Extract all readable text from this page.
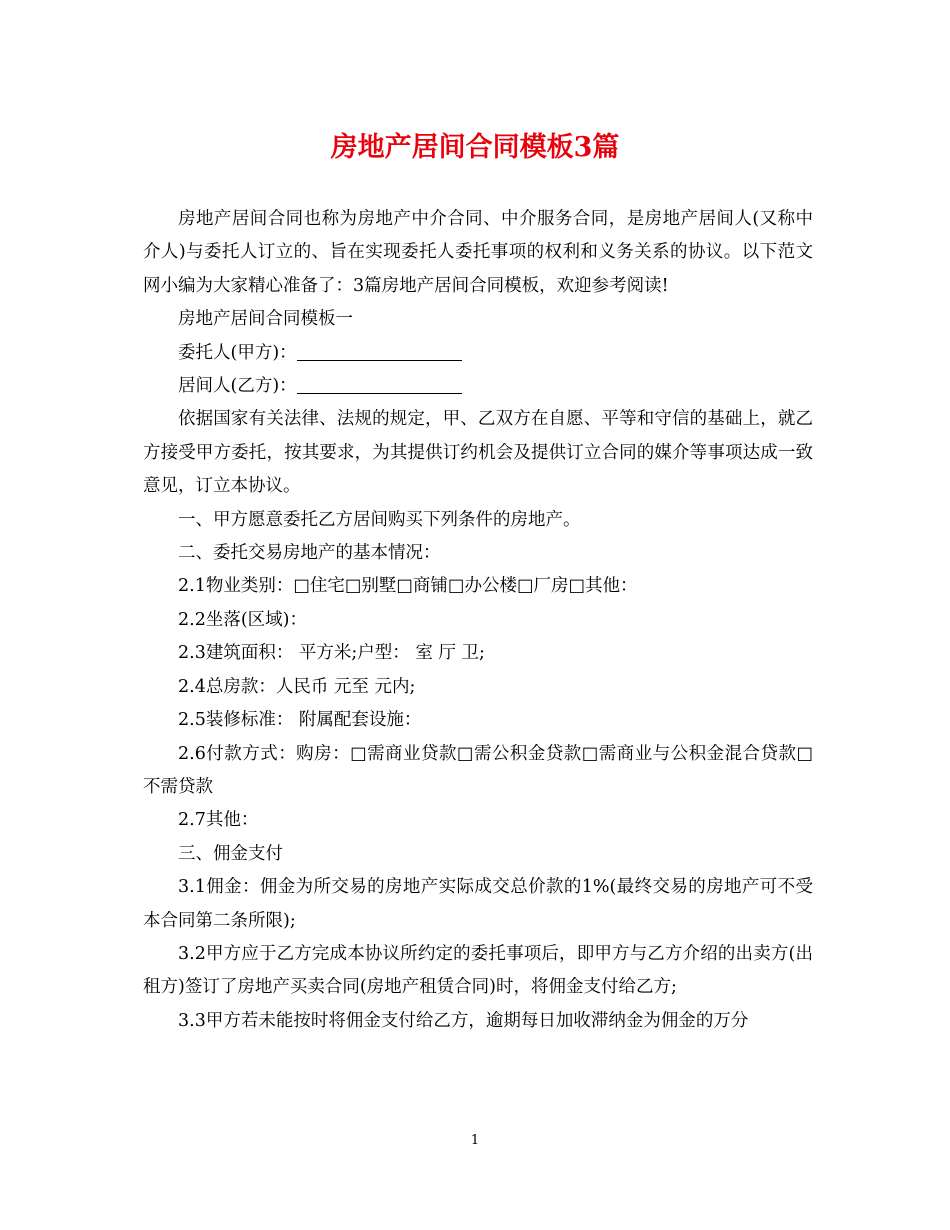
房地产居间合同模板3篇

房地产居间合同也称为房地产中介合同、中介服务合同，是房地产居间人(又称中介人)与委托人订立的、旨在实现委托人委托事项的权利和义务关系的协议。以下范文网小编为大家精心准备了：3篇房地产居间合同模板，欢迎参考阅读!

房地产居间合同模板一

委托人(甲方)：

居间人(乙方)：

依据国家有关法律、法规的规定，甲、乙双方在自愿、平等和守信的基础上，就乙方接受甲方委托，按其要求，为其提供订约机会及提供订立合同的媒介等事项达成一致意见，订立本协议。

一、甲方愿意委托乙方居间购买下列条件的房地产。

二、委托交易房地产的基本情况：

2.1物业类别：□住宅□别墅□商铺□办公楼□厂房□其他：

2.2坐落(区域)：

2.3建筑面积： 平方米;户型： 室 厅 卫;

2.4总房款：人民币 元至 元内;

2.5装修标准： 附属配套设施：

2.6付款方式：购房：□需商业贷款□需公积金贷款□需商业与公积金混合贷款□不需贷款

2.7其他：

三、佣金支付

3.1佣金：佣金为所交易的房地产实际成交总价款的1%(最终交易的房地产可不受本合同第二条所限);

3.2甲方应于乙方完成本协议所约定的委托事项后，即甲方与乙方介绍的出卖方(出租方)签订了房地产买卖合同(房地产租赁合同)时，将佣金支付给乙方;

3.3甲方若未能按时将佣金支付给乙方，逾期每日加收滞纳金为佣金的万分

1
